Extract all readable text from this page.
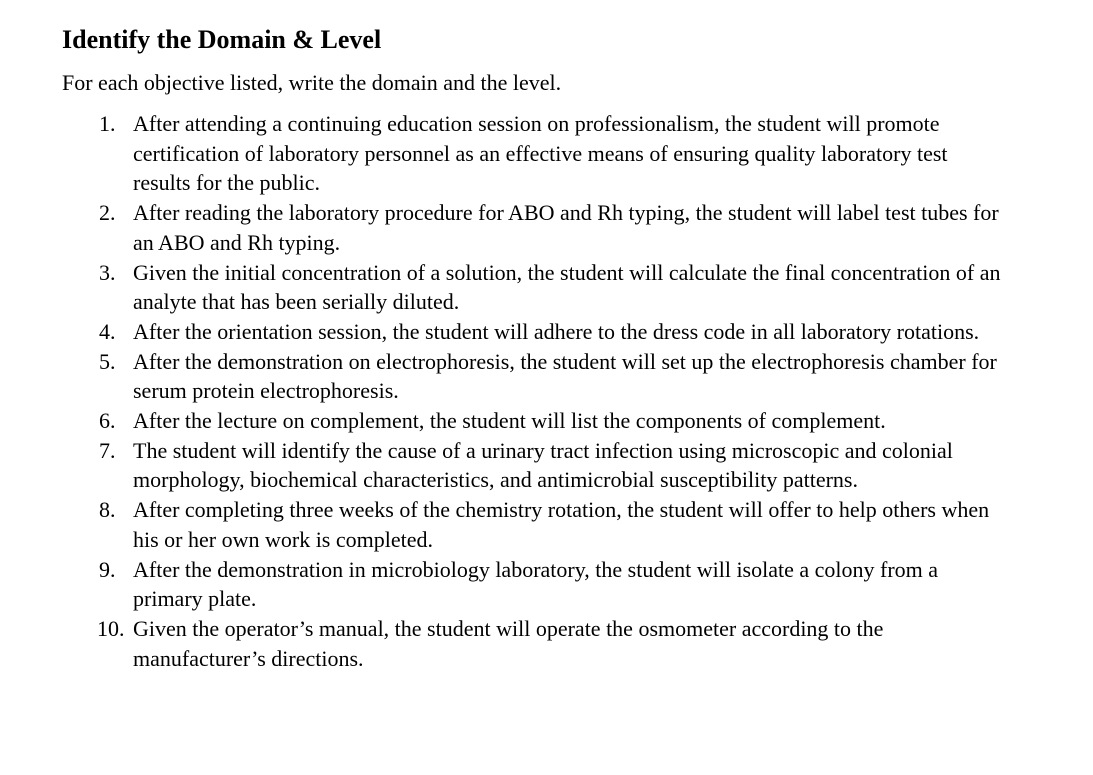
Identify the Domain & Level

For each objective listed, write the domain and the level.

1. After attending a continuing education session on professionalism, the student will promote certification of laboratory personnel as an effective means of ensuring quality laboratory test results for the public.
2. After reading the laboratory procedure for ABO and Rh typing, the student will label test tubes for an ABO and Rh typing.
3. Given the initial concentration of a solution, the student will calculate the final concentration of an analyte that has been serially diluted.
4. After the orientation session, the student will adhere to the dress code in all laboratory rotations.
5. After the demonstration on electrophoresis, the student will set up the electrophoresis chamber for serum protein electrophoresis.
6. After the lecture on complement, the student will list the components of complement.
7. The student will identify the cause of a urinary tract infection using microscopic and colonial morphology, biochemical characteristics, and antimicrobial susceptibility patterns.
8. After completing three weeks of the chemistry rotation, the student will offer to help others when his or her own work is completed.
9. After the demonstration in microbiology laboratory, the student will isolate a colony from a primary plate.
10. Given the operator’s manual, the student will operate the osmometer according to the manufacturer’s directions.
